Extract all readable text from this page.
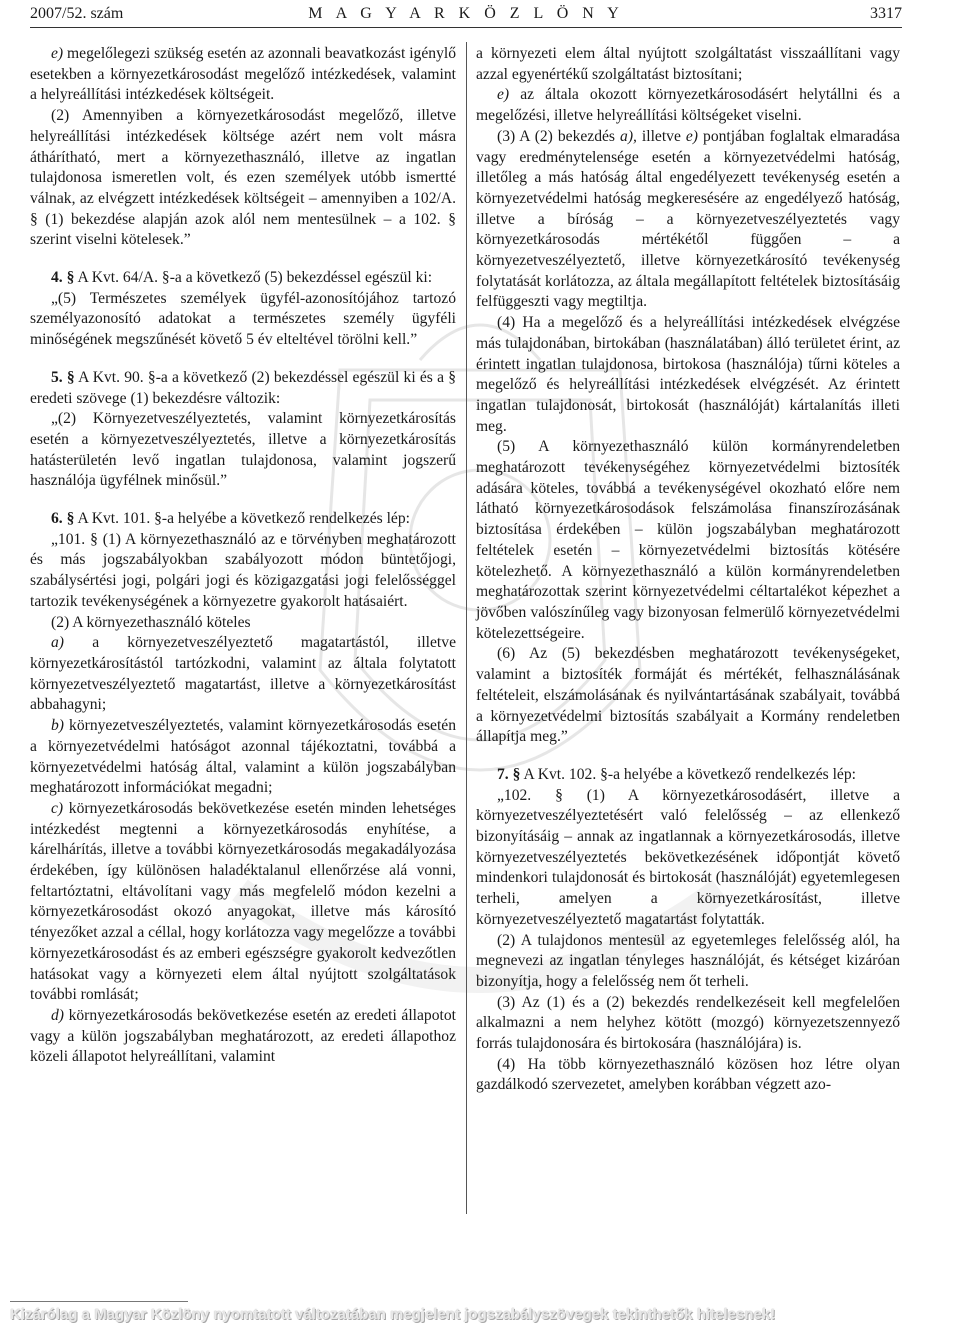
2007/52. szám	M A G Y A R K Ö Z L Ö N Y	3317

e) megelőlegezi szükség esetén az azonnali beavatkozást igénylő esetekben a környezetkárosodást megelőző intézkedések, valamint a helyreállítási intézkedések költségeit.

(2) Amennyiben a környezetkárosodást megelőző, illetve helyreállítási intézkedések költsége azért nem volt másra áthárítható, mert a környezethasználó, illetve az ingatlan tulajdonosa ismeretlen volt, és ezen személyek utóbb ismertté válnak, az elvégzett intézkedések költségeit – amennyiben a 102/A. § (1) bekezdése alapján azok alól nem mentesülnek – a 102. § szerint viselni kötelesek.”

4. § A Kvt. 64/A. §-a a következő (5) bekezdéssel egészül ki:

„(5) Természetes személyek ügyfél-azonosítójához tartozó személyazonosító adatokat a természetes személy ügyféli minőségének megszűnését követő 5 év elteltével törölni kell.”

5. § A Kvt. 90. §-a a következő (2) bekezdéssel egészül ki és a § eredeti szövege (1) bekezdésre változik:

„(2) Környezetveszélyeztetés, valamint környezetkárosítás esetén a környezetveszélyeztetés, illetve a környezetkárosítás hatásterületén levő ingatlan tulajdonosa, valamint jogszerű használója ügyfélnek minősül.”

6. § A Kvt. 101. §-a helyébe a következő rendelkezés lép:

„101. § (1) A környezethasználó az e törvényben meghatározott és más jogszabályokban szabályozott módon büntetőjogi, szabálysértési jogi, polgári jogi és közigazgatási jogi felelősséggel tartozik tevékenységének a környezetre gyakorolt hatásaiért.

(2) A környezethasználó köteles

a) a környezetveszélyeztető magatartástól, illetve környezetkárosítástól tartózkodni, valamint az általa folytatott környezetveszélyeztető magatartást, illetve a környezetkárosítást abbahagyni;

b) környezetveszélyeztetés, valamint környezetkárosodás esetén a környezetvédelmi hatóságot azonnal tájékoztatni, továbbá a környezetvédelmi hatóság által, valamint a külön jogszabályban meghatározott információkat megadni;

c) környezetkárosodás bekövetkezése esetén minden lehetséges intézkedést megtenni a környezetkárosodás enyhítése, a kárelhárítás, illetve a további környezetkárosodás megakadályozása érdekében, így különösen haladéktalanul ellenőrzése alá vonni, feltartóztatni, eltávolítani vagy más megfelelő módon kezelni a környezetkárosodást okozó anyagokat, illetve más károsító tényezőket azzal a céllal, hogy korlátozza vagy megelőzze a további környezetkárosodást és az emberi egészségre gyakorolt kedvezőtlen hatásokat vagy a környezeti elem által nyújtott szolgáltatások további romlását;

d) környezetkárosodás bekövetkezése esetén az eredeti állapotot vagy a külön jogszabályban meghatározott, az eredeti állapothoz közeli állapotot helyreállítani, valamint

a környezeti elem által nyújtott szolgáltatást visszaállítani vagy azzal egyenértékű szolgáltatást biztosítani;

e) az általa okozott környezetkárosodásért helytállni és a megelőzési, illetve helyreállítási költségeket viselni.

(3) A (2) bekezdés a), illetve e) pontjában foglaltak elmaradása vagy eredménytelensége esetén a környezetvédelmi hatóság, illetőleg a más hatóság által engedélyezett tevékenység esetén a környezetvédelmi hatóság megkeresésére az engedélyező hatóság, illetve a bíróság – a környezetveszélyeztetés vagy környezetkárosodás mértékétől függően – a környezetveszélyeztető, illetve környezetkárosító tevékenység folytatását korlátozza, az általa megállapított feltételek biztosításáig felfüggeszti vagy megtiltja.

(4) Ha a megelőző és a helyreállítási intézkedések elvégzése más tulajdonában, birtokában (használatában) álló területet érint, az érintett ingatlan tulajdonosa, birtokosa (használója) tűrni köteles a megelőző és helyreállítási intézkedések elvégzését. Az érintett ingatlan tulajdonosát, birtokosát (használóját) kártalanítás illeti meg.

(5) A környezethasználó külön kormányrendeletben meghatározott tevékenységéhez környezetvédelmi biztosíték adására köteles, továbbá a tevékenységével okozható előre nem látható környezetkárosodások felszámolása finanszírozásának biztosítása érdekében – külön jogszabályban meghatározott feltételek esetén – környezetvédelmi biztosítás kötésére kötelezhető. A környezethasználó a külön kormányrendeletben meghatározottak szerint környezetvédelmi céltartalékot képezhet a jövőben valószínűleg vagy bizonyosan felmerülő környezetvédelmi kötelezettségeire.

(6) Az (5) bekezdésben meghatározott tevékenységeket, valamint a biztosíték formáját és mértékét, felhasználásának feltételeit, elszámolásának és nyilvántartásának szabályait, továbbá a környezetvédelmi biztosítás szabályait a Kormány rendeletben állapítja meg.”

7. § A Kvt. 102. §-a helyébe a következő rendelkezés lép:

„102. § (1) A környezetkárosodásért, illetve a környezetveszélyeztetésért való felelősség – az ellenkező bizonyításáig – annak az ingatlannak a környezetkárosodás, illetve környezetveszélyeztetés bekövetkezésének időpontját követő mindenkori tulajdonosát és birtokosát (használóját) egyetemlegesen terheli, amelyen a környezetkárosítást, illetve környezetveszélyeztető magatartást folytatták.

(2) A tulajdonos mentesül az egyetemleges felelősség alól, ha megnevezi az ingatlan tényleges használóját, és kétséget kizáróan bizonyítja, hogy a felelősség nem őt terheli.

(3) Az (1) és a (2) bekezdés rendelkezéseit kell megfelelően alkalmazni a nem helyhez kötött (mozgó) környezetszennyező forrás tulajdonosára és birtokosára (használójára) is.

(4) Ha több környezethasználó közösen hoz létre olyan gazdálkodó szervezetet, amelyben korábban végzett azo-

Kizárólag a Magyar Közlöny nyomtatott változatában megjelent jogszabályszövegek tekinthetők hitelesnek!
